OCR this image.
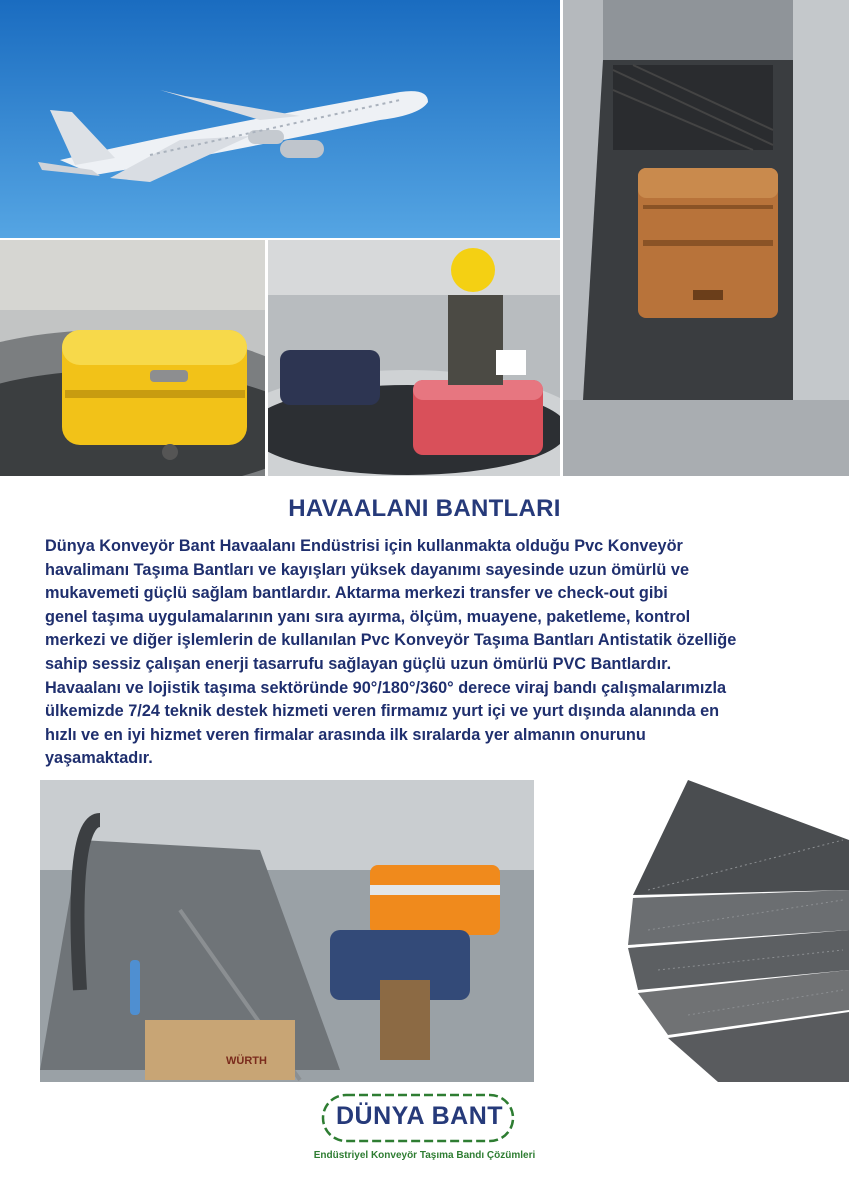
HAVAALANI BANTLARI
Dünya Konveyör Bant Havaalanı Endüstrisi için kullanmakta olduğu Pvc Konveyör
havalimanı Taşıma Bantları ve kayışları yüksek dayanımı sayesinde uzun ömürlü ve
mukavemeti güçlü sağlam bantlardır. Aktarma merkezi transfer ve check-out gibi
genel taşıma uygulamalarının yanı sıra ayırma, ölçüm, muayene, paketleme, kontrol
merkezi ve diğer işlemlerin de kullanılan Pvc Konveyör Taşıma Bantları Antistatik özelliğe
sahip sessiz çalışan enerji tasarrufu sağlayan güçlü uzun ömürlü PVC Bantlardır.
Havaalanı ve lojistik taşıma sektöründe 90°/180°/360° derece viraj bandı çalışmalarımızla
ülkemizde 7/24 teknik destek hizmeti veren firmamız yurt içi ve yurt dışında alanında en
hızlı ve en iyi hizmet veren firmalar arasında ilk sıralarda yer almanın onurunu
yaşamaktadır.
WÜRTH
DÜNYA BANT
Endüstriyel Konveyör Taşıma Bandı Çözümleri
